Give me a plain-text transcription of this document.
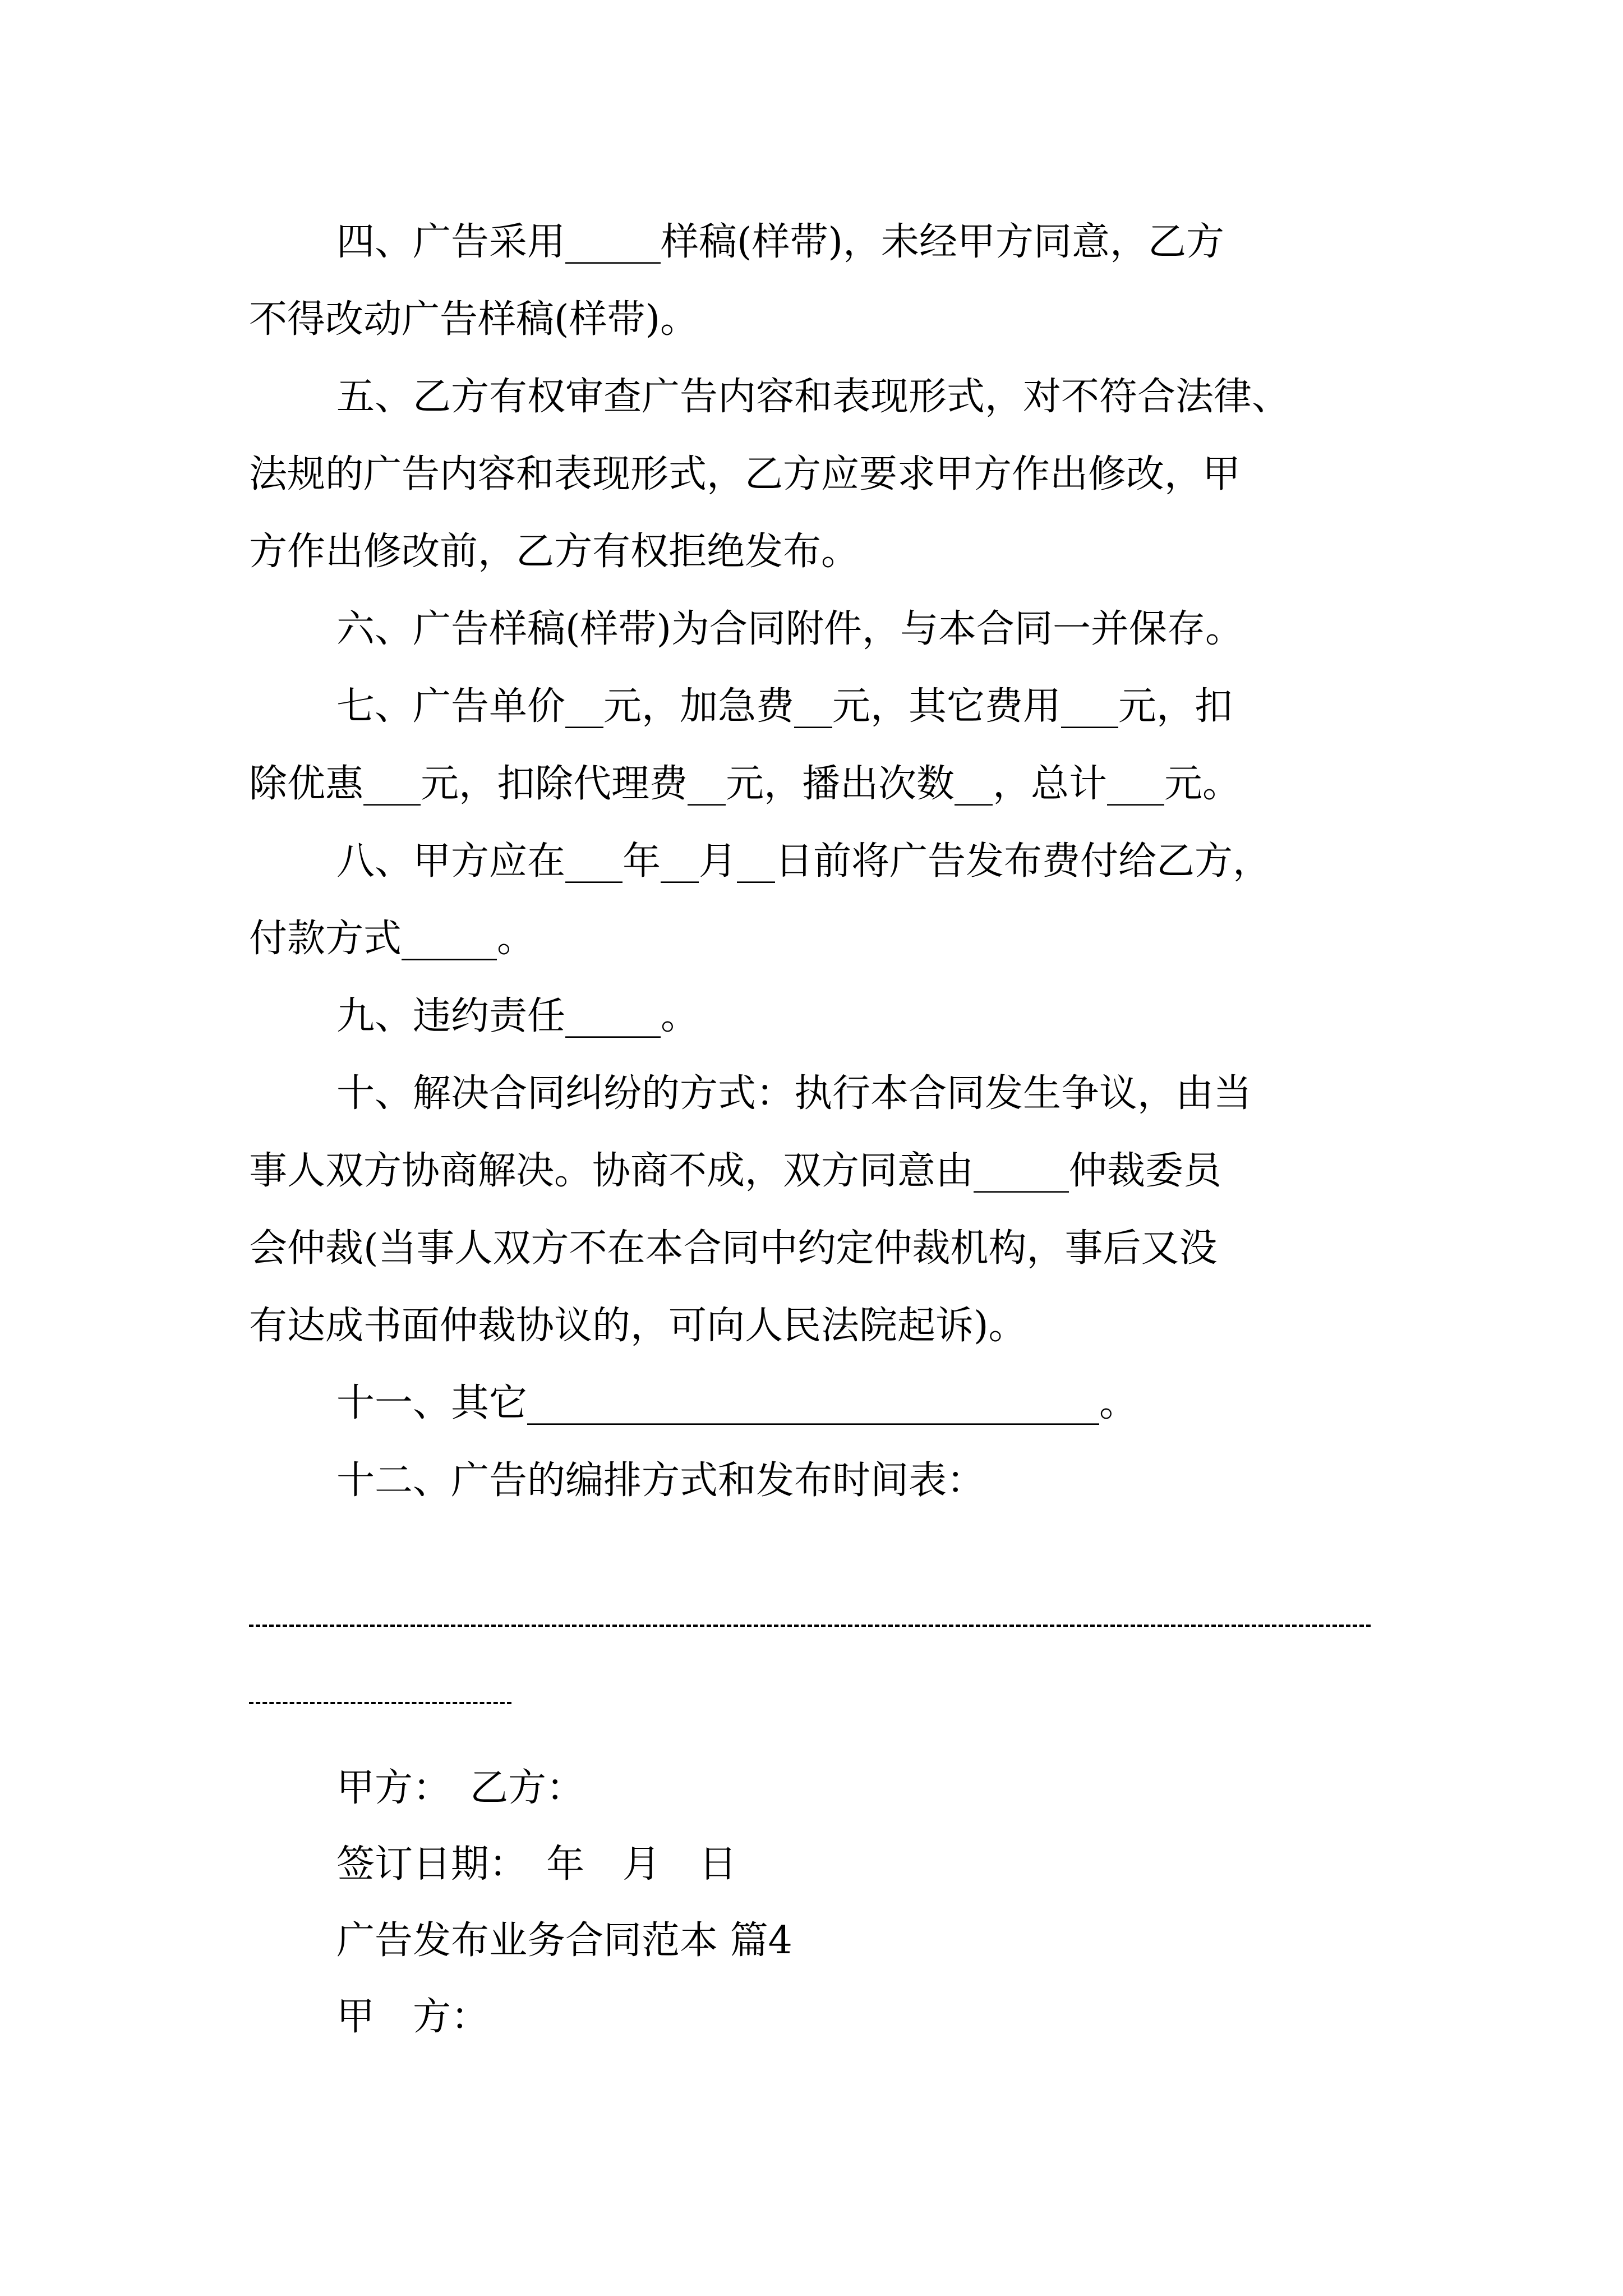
四、广告采用_____样稿(样带)，未经甲方同意，乙方
不得改动广告样稿(样带)。
五、乙方有权审查广告内容和表现形式，对不符合法律、
法规的广告内容和表现形式，乙方应要求甲方作出修改，甲
方作出修改前，乙方有权拒绝发布。
六、广告样稿(样带)为合同附件，与本合同一并保存。
七、广告单价__元，加急费__元，其它费用___元，扣
除优惠___元，扣除代理费__元，播出次数__，总计___元。
八、甲方应在___年__月__日前将广告发布费付给乙方，
付款方式_____。
九、违约责任_____。
十、解决合同纠纷的方式：执行本合同发生争议，由当
事人双方协商解决。协商不成，双方同意由_____仲裁委员
会仲裁(当事人双方不在本合同中约定仲裁机构，事后又没
有达成书面仲裁协议的，可向人民法院起诉)。
十一、其它______________________________。
十二、广告的编排方式和发布时间表：
甲方：　乙方：
签订日期：　年　月　日
广告发布业务合同范本 篇4
甲　方：
